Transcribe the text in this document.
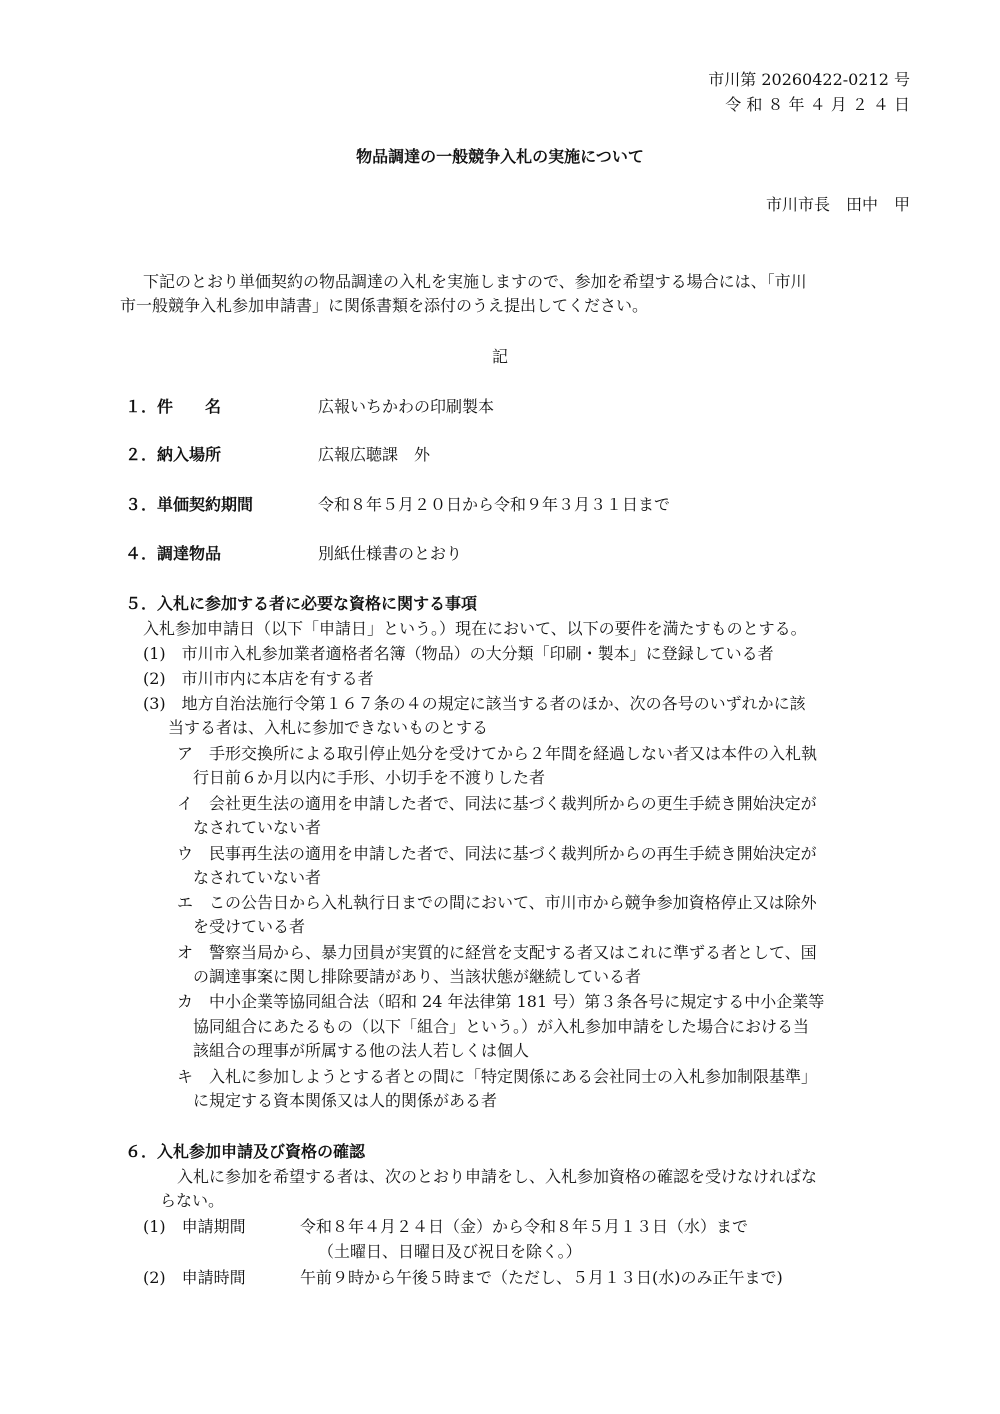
市川第 20260422-0212 号
令 和 ８ 年 ４ 月 ２ ４ 日
物品調達の一般競争入札の実施について
市川市長　田中　甲
下記のとおり単価契約の物品調達の入札を実施しますので、参加を希望する場合には、「市川
市一般競争入札参加申請書」に関係書類を添付のうえ提出してください。
記
１．件　　名	広報いちかわの印刷製本
２．納入場所	広報広聴課　外
３．単価契約期間	令和８年５月２０日から令和９年３月３１日まで
４．調達物品	別紙仕様書のとおり
５．入札に参加する者に必要な資格に関する事項
入札参加申請日（以下「申請日」という。）現在において、以下の要件を満たすものとする。
(1)　市川市入札参加業者適格者名簿（物品）の大分類「印刷・製本」に登録している者
(2)　市川市内に本店を有する者
(3)　地方自治法施行令第１６７条の４の規定に該当する者のほか、次の各号のいずれかに該
当する者は、入札に参加できないものとする
ア　手形交換所による取引停止処分を受けてから２年間を経過しない者又は本件の入札執
行日前６か月以内に手形、小切手を不渡りした者
イ　会社更生法の適用を申請した者で、同法に基づく裁判所からの更生手続き開始決定が
なされていない者
ウ　民事再生法の適用を申請した者で、同法に基づく裁判所からの再生手続き開始決定が
なされていない者
エ　この公告日から入札執行日までの間において、市川市から競争参加資格停止又は除外
を受けている者
オ　警察当局から、暴力団員が実質的に経営を支配する者又はこれに準ずる者として、国
の調達事案に関し排除要請があり、当該状態が継続している者
カ　中小企業等協同組合法（昭和 24 年法律第 181 号）第３条各号に規定する中小企業等
協同組合にあたるもの（以下「組合」という。）が入札参加申請をした場合における当
該組合の理事が所属する他の法人若しくは個人
キ　入札に参加しようとする者との間に「特定関係にある会社同士の入札参加制限基準」
に規定する資本関係又は人的関係がある者
６．入札参加申請及び資格の確認
入札に参加を希望する者は、次のとおり申請をし、入札参加資格の確認を受けなければな
らない。
(1)　申請期間	令和８年４月２４日（金）から令和８年５月１３日（水）まで
（土曜日、日曜日及び祝日を除く。）
(2)　申請時間	午前９時から午後５時まで（ただし、５月１３日(水)のみ正午まで)
